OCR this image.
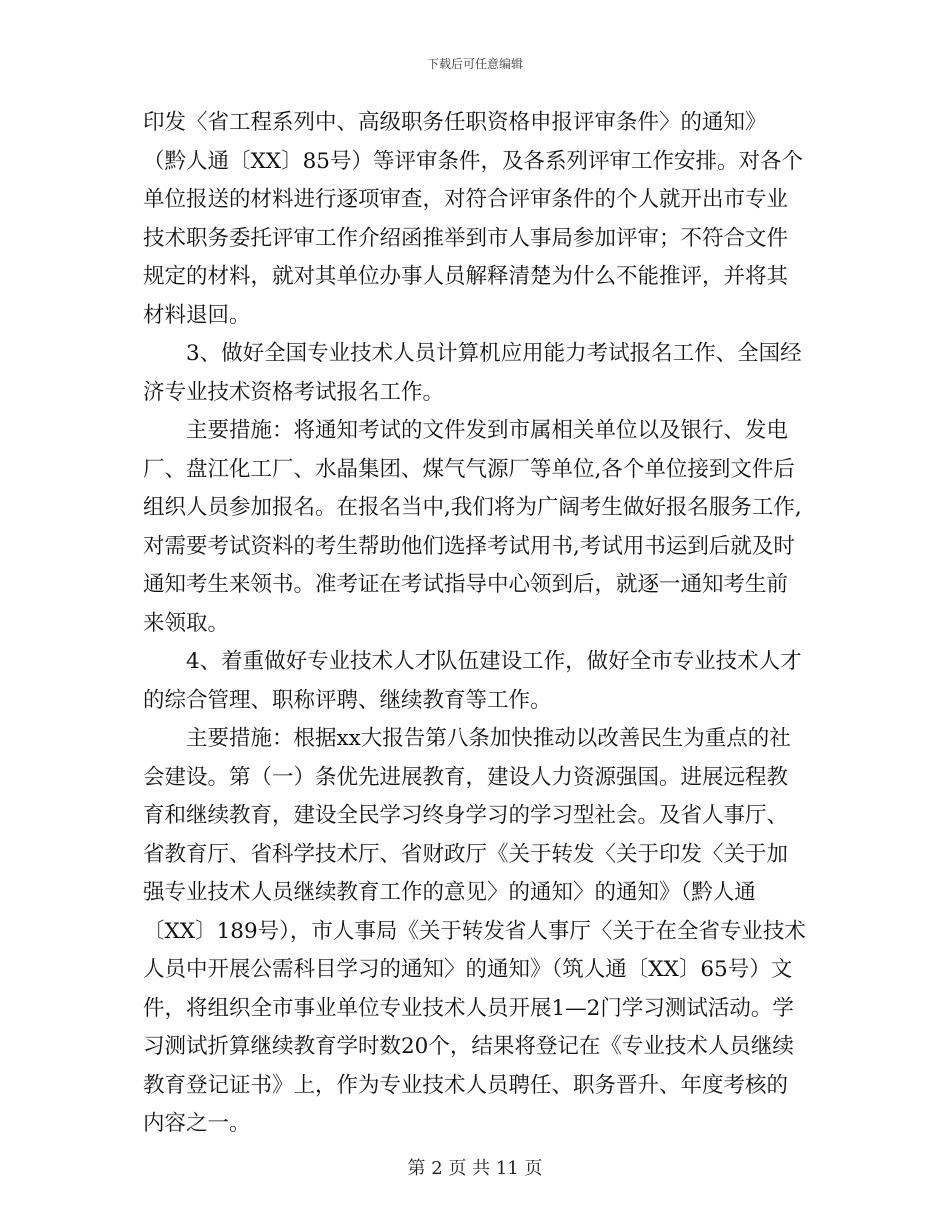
下载后可任意编辑
印发〈省工程系列中、高级职务任职资格申报评审条件〉的通知》
（黔人通〔XX〕85号）等评审条件，及各系列评审工作安排。对各个
单位报送的材料进行逐项审查，对符合评审条件的个人就开出市专业
技术职务委托评审工作介绍函推举到市人事局参加评审；不符合文件
规定的材料，就对其单位办事人员解释清楚为什么不能推评，并将其
材料退回。
　　3、做好全国专业技术人员计算机应用能力考试报名工作、全国经
济专业技术资格考试报名工作。
　　主要措施：将通知考试的文件发到市属相关单位以及银行、发电
厂、盘江化工厂、水晶集团、煤气气源厂等单位,各个单位接到文件后
组织人员参加报名。在报名当中,我们将为广阔考生做好报名服务工作,
对需要考试资料的考生帮助他们选择考试用书,考试用书运到后就及时
通知考生来领书。准考证在考试指导中心领到后，就逐一通知考生前
来领取。
　　4、着重做好专业技术人才队伍建设工作，做好全市专业技术人才
的综合管理、职称评聘、继续教育等工作。
　　主要措施：根据xx大报告第八条加快推动以改善民生为重点的社
会建设。第（一）条优先进展教育，建设人力资源强国。进展远程教
育和继续教育，建设全民学习终身学习的学习型社会。及省人事厅、
省教育厅、省科学技术厅、省财政厅《关于转发〈关于印发〈关于加
强专业技术人员继续教育工作的意见〉的通知〉的通知》（黔人通
〔XX〕189号），市人事局《关于转发省人事厅〈关于在全省专业技术
人员中开展公需科目学习的通知〉的通知》（筑人通〔XX〕65号）文
件，将组织全市事业单位专业技术人员开展1—2门学习测试活动。学
习测试折算继续教育学时数20个，结果将登记在《专业技术人员继续
教育登记证书》上，作为专业技术人员聘任、职务晋升、年度考核的
内容之一。
第 2 页 共 11 页
